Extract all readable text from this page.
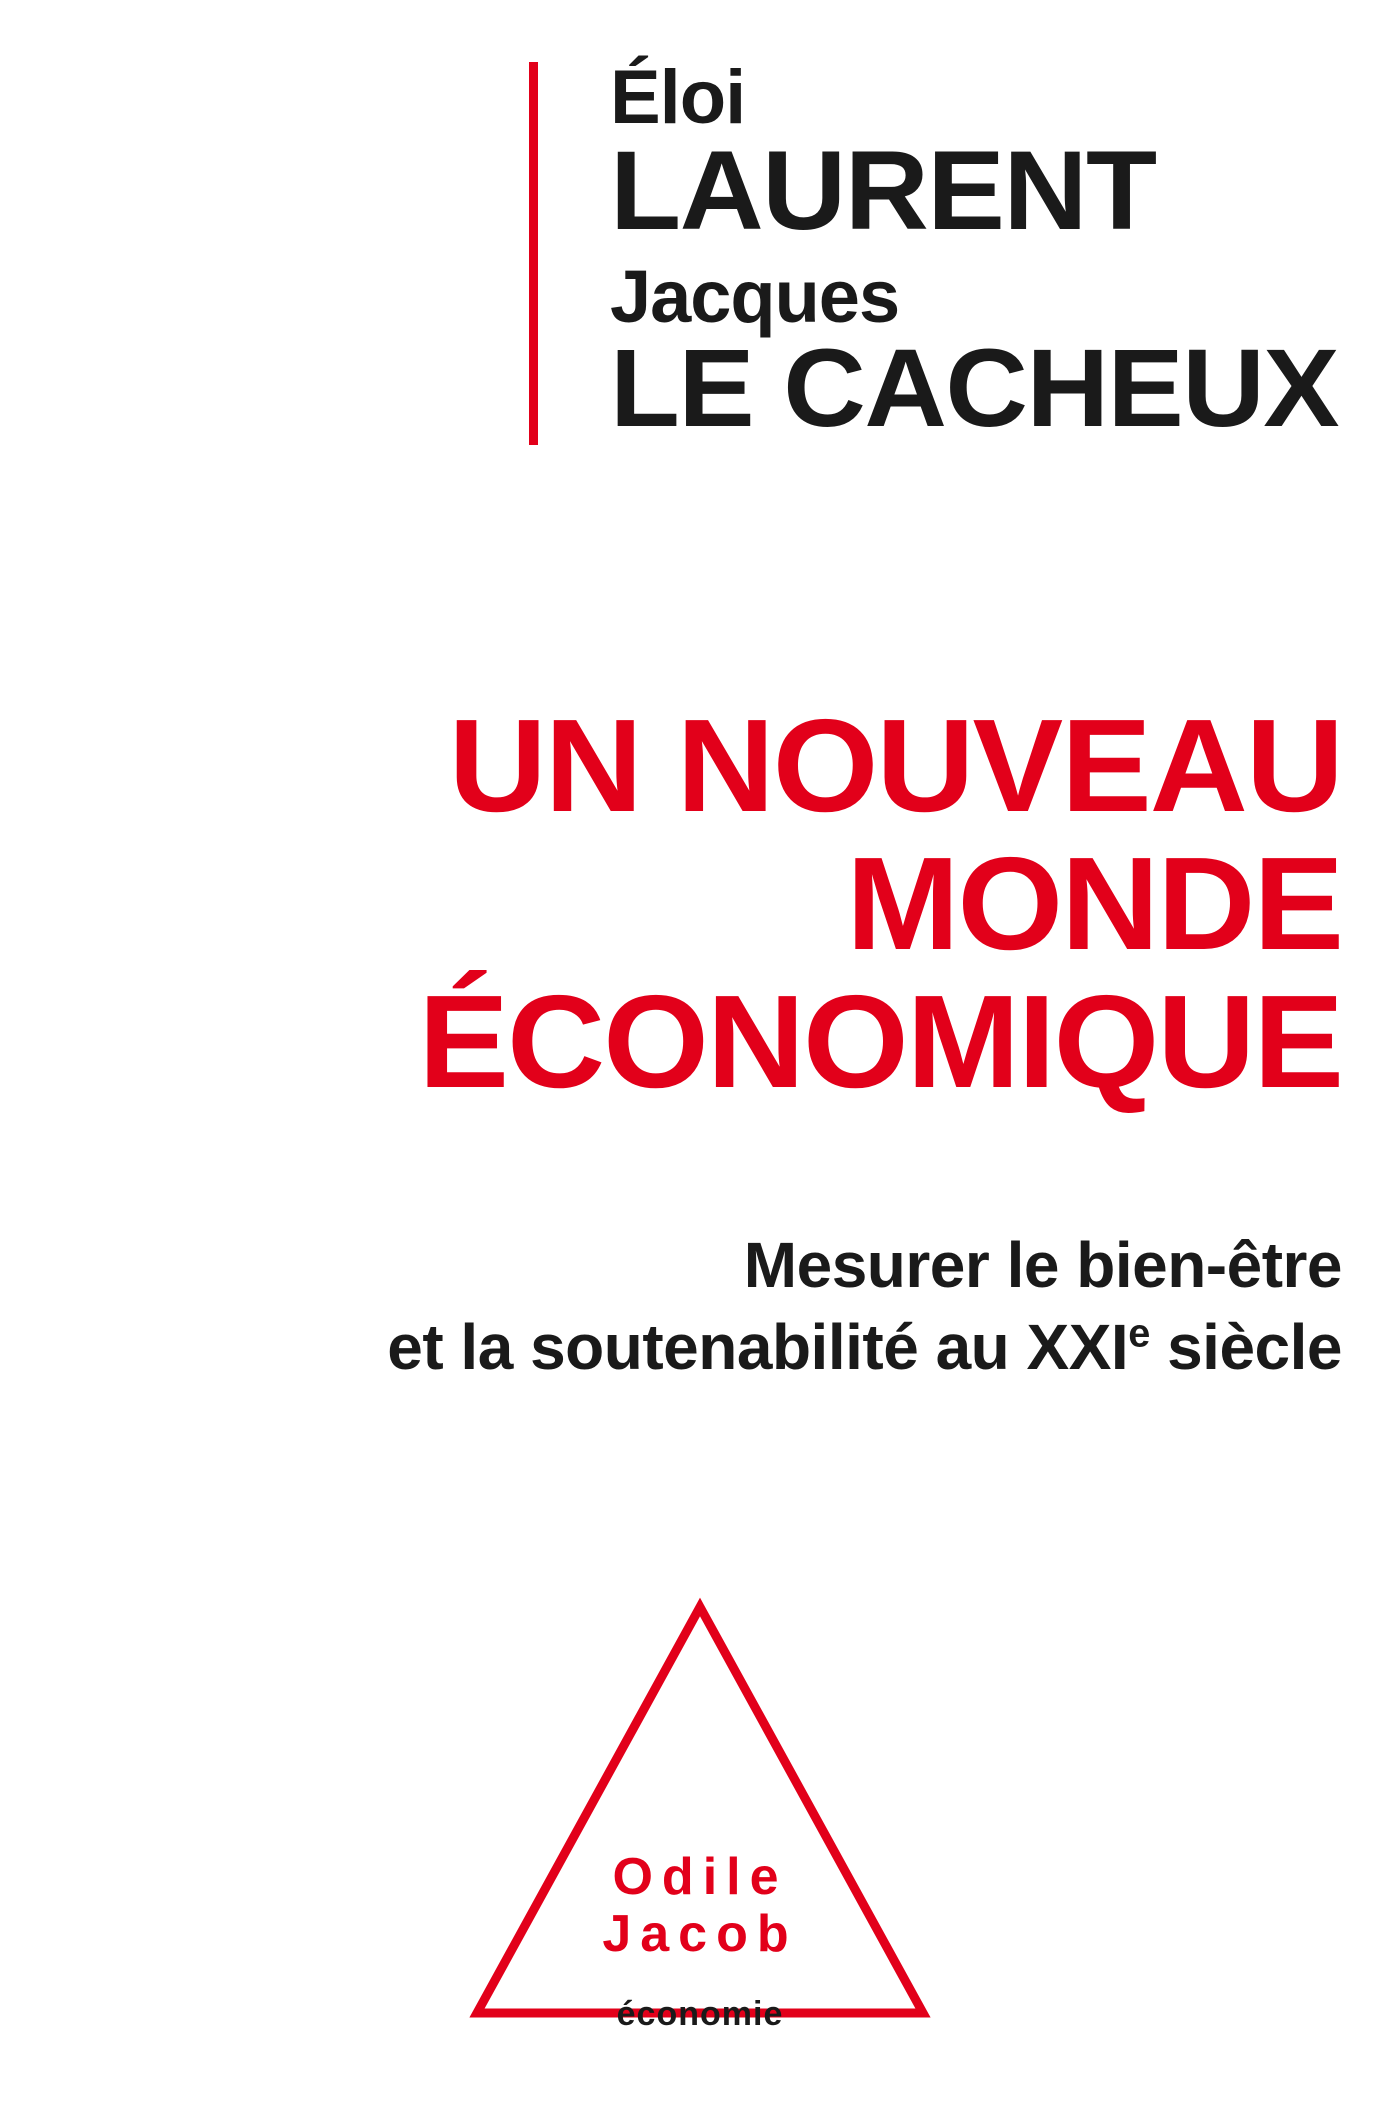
Éloi
LAURENT
Jacques
LE CACHEUX
UN NOUVEAU
MONDE
ÉCONOMIQUE
Mesurer le bien-être
et la soutenabilité au XXIe siècle
Odile
Jacob
économie
